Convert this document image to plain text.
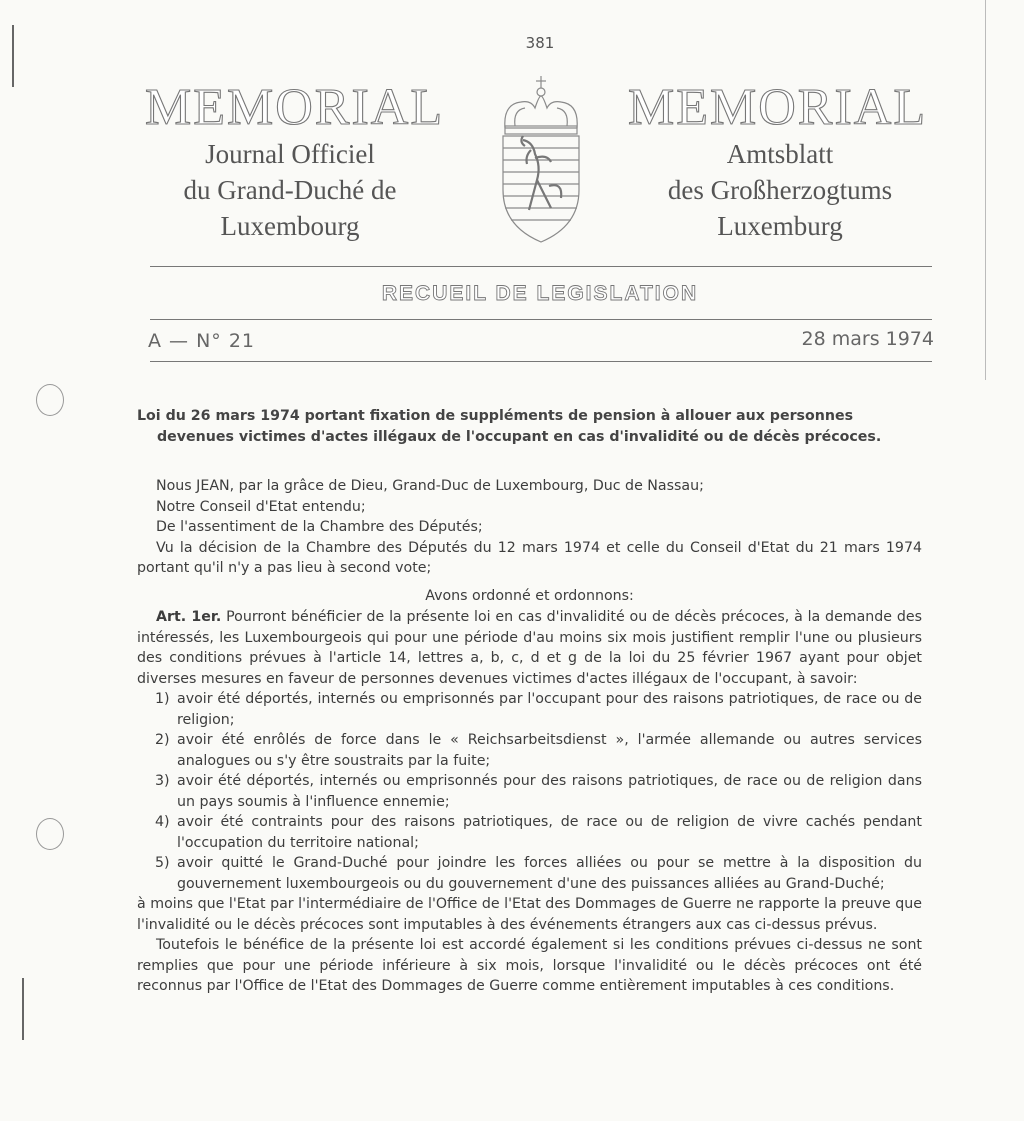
381
MEMORIAL	MEMORIAL
Journal Officiel
du Grand-Duché de
Luxembourg
Amtsblatt
des Großherzogtums
Luxemburg
RECUEIL DE LEGISLATION
A — N° 21	28 mars 1974

Loi du 26 mars 1974 portant fixation de suppléments de pension à allouer aux personnes devenues victimes d'actes illégaux de l'occupant en cas d'invalidité ou de décès précoces.

Nous JEAN, par la grâce de Dieu, Grand-Duc de Luxembourg, Duc de Nassau;

Notre Conseil d'Etat entendu;

De l'assentiment de la Chambre des Députés;

Vu la décision de la Chambre des Députés du 12 mars 1974 et celle du Conseil d'Etat du 21 mars 1974 portant qu'il n'y a pas lieu à second vote;

Avons ordonné et ordonnons:

Art. 1er. Pourront bénéficier de la présente loi en cas d'invalidité ou de décès précoces, à la demande des intéressés, les Luxembourgeois qui pour une période d'au moins six mois justifient remplir l'une ou plusieurs des conditions prévues à l'article 14, lettres a, b, c, d et g de la loi du 25 février 1967 ayant pour objet diverses mesures en faveur de personnes devenues victimes d'actes illégaux de l'occupant, à savoir:

1) avoir été déportés, internés ou emprisonnés par l'occupant pour des raisons patriotiques, de race ou de religion;
2) avoir été enrôlés de force dans le « Reichsarbeitsdienst », l'armée allemande ou autres services analogues ou s'y être soustraits par la fuite;
3) avoir été déportés, internés ou emprisonnés pour des raisons patriotiques, de race ou de religion dans un pays soumis à l'influence ennemie;
4) avoir été contraints pour des raisons patriotiques, de race ou de religion de vivre cachés pendant l'occupation du territoire national;
5) avoir quitté le Grand-Duché pour joindre les forces alliées ou pour se mettre à la disposition du gouvernement luxembourgeois ou du gouvernement d'une des puissances alliées au Grand-Duché;

à moins que l'Etat par l'intermédiaire de l'Office de l'Etat des Dommages de Guerre ne rapporte la preuve que l'invalidité ou le décès précoces sont imputables à des événements étrangers aux cas ci-dessus prévus.

Toutefois le bénéfice de la présente loi est accordé également si les conditions prévues ci-dessus ne sont remplies que pour une période inférieure à six mois, lorsque l'invalidité ou le décès précoces ont été reconnus par l'Office de l'Etat des Dommages de Guerre comme entièrement imputables à ces conditions.
